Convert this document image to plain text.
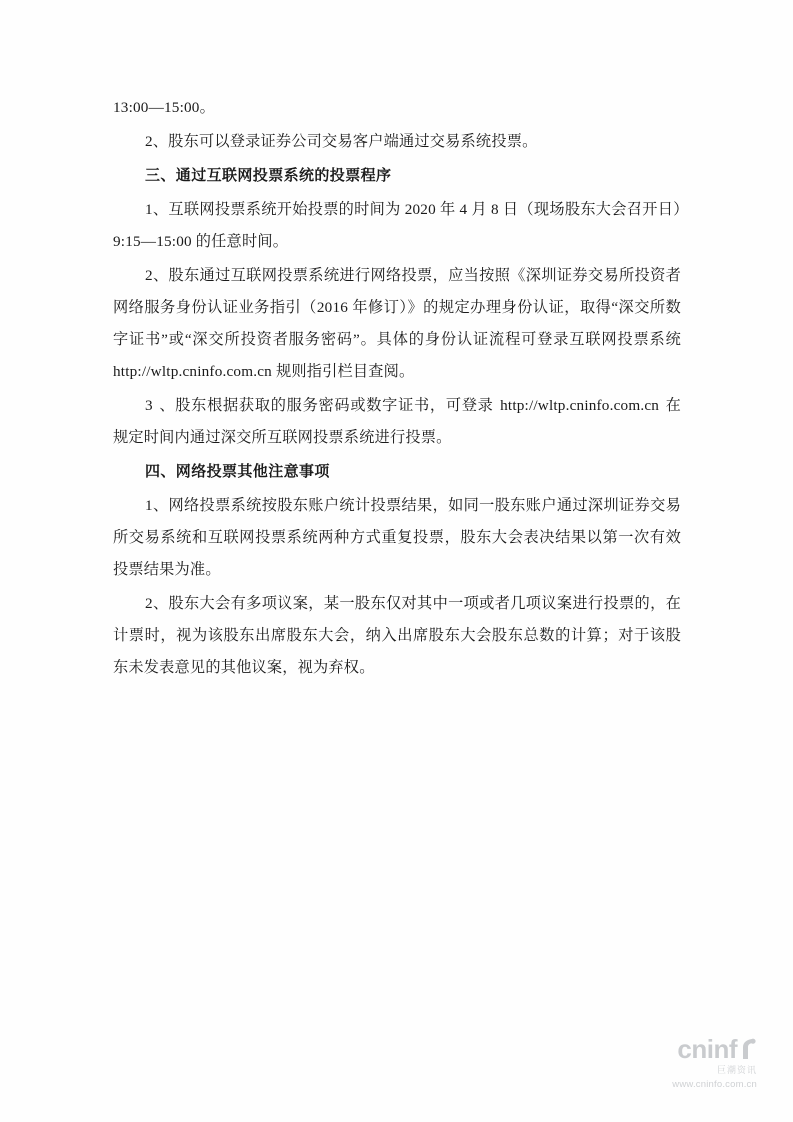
13:00—15:00。

2、股东可以登录证券公司交易客户端通过交易系统投票。

三、通过互联网投票系统的投票程序

1、互联网投票系统开始投票的时间为 2020 年 4 月 8 日（现场股东大会召开日）9:15—15:00 的任意时间。

2、股东通过互联网投票系统进行网络投票，应当按照《深圳证券交易所投资者网络服务身份认证业务指引（2016 年修订）》的规定办理身份认证，取得“深交所数字证书”或“深交所投资者服务密码”。具体的身份认证流程可登录互联网投票系统 http://wltp.cninfo.com.cn 规则指引栏目查阅。

3 、股东根据获取的服务密码或数字证书，可登录 http://wltp.cninfo.com.cn 在规定时间内通过深交所互联网投票系统进行投票。

四、网络投票其他注意事项

1、网络投票系统按股东账户统计投票结果，如同一股东账户通过深圳证券交易所交易系统和互联网投票系统两种方式重复投票，股东大会表决结果以第一次有效投票结果为准。

2、股东大会有多项议案，某一股东仅对其中一项或者几项议案进行投票的，在计票时，视为该股东出席股东大会，纳入出席股东大会股东总数的计算；对于该股东未发表意见的其他议案，视为弃权。

cninf
巨潮资讯
www.cninfo.com.cn
